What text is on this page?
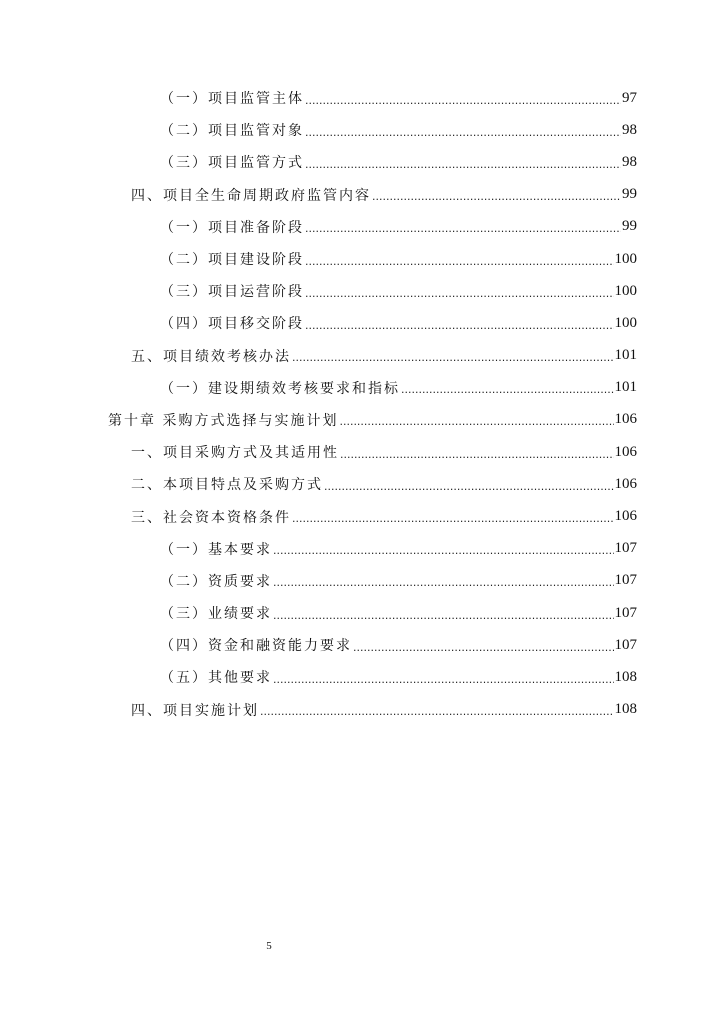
（一）项目监管主体 .....	97
（二）项目监管对象 .....	98
（三）项目监管方式 .....	98
四、项目全生命周期政府监管内容 .....	99
（一）项目准备阶段 .....	99
（二）项目建设阶段 .....	100
（三）项目运营阶段 .....	100
（四）项目移交阶段 .....	100
五、项目绩效考核办法 .....	101
（一）建设期绩效考核要求和指标 .....	101
第十章 采购方式选择与实施计划 .....	106
一、项目采购方式及其适用性 .....	106
二、本项目特点及采购方式 .....	106
三、社会资本资格条件 .....	106
（一）基本要求 .....	107
（二）资质要求 .....	107
（三）业绩要求 .....	107
（四）资金和融资能力要求 .....	107
（五）其他要求 .....	108
四、项目实施计划 .....	108
5
